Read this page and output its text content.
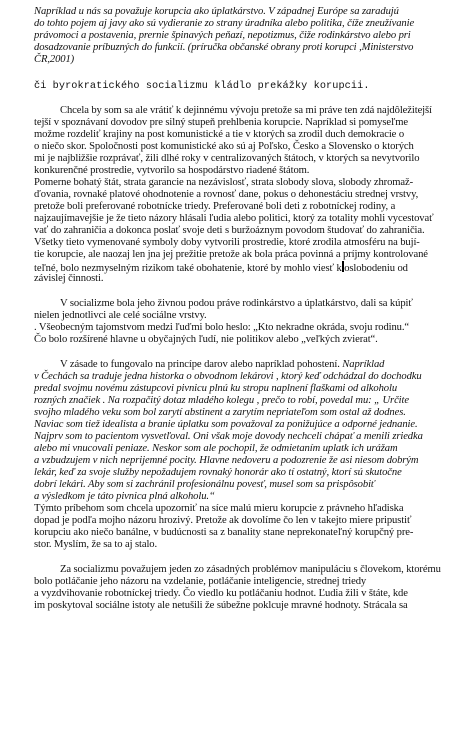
Napríklad u nás sa považuje korupcia ako úplatkárstvo. V západnej Európe sa zaradujú
do tohto pojem aj javy ako sú vydieranie zo strany úradníka alebo politika, číže zneužívanie
právomoci a postavenia, prernie špinavých peňazí, nepotizmus, čiže rodinkárstvo alebo pri
dosadzovanie príbuzných do funkcií. (príručka občanské obrany proti korupci ,Ministerstvo
ČR,2001)
či byrokratického socializmu kládlo prekážky korupcii.
Chcela by som sa ale vrátiť k dejinnému vývoju pretože sa mi práve ten zdá najdôležitejší
tejší v spoznávaní dovodov pre silný stupeň prehlbenia korupcie. Napríklad si pomyseľme
možme rozdeliť krajiny na post komunistické a tie v ktorých sa zrodil duch demokracie o
o niečo skor. Spoločnosti post komunistické ako sú aj Poľsko, Česko a Slovensko o ktorých
mi je najbližšie rozprávať, žili dlhé roky v centralizovaných štátoch, v ktorých sa nevytvorilo
konkurenčné prostredie, vytvorilo sa hospodárstvo riadené štátom.
Pomerne bohatý štát, strata garancie na nezávislosť, strata slobody slova, slobody zhromaž-
ďovania, rovnaké platové ohodnotenie a rovnosť dane, pokus o dehonestáciu strednej vrstvy,
pretože boli preferované robotnícke triedy. Preferované boli deti z robotníckej rodiny, a
najzaujímavejšie je že tieto názory hlásali ľudia alebo politici, ktorý za totality mohli vycestovať
vať do zahraničia a dokonca poslať svoje deti s buržoáznym povodom študovať do zahraničia.
Všetky tieto vymenované symboly doby vytvorili prostredie, ktoré zrodila atmosféru na bují-
tie korupcie, ale naozaj len jna jej prežitie pretože ak bola práca povinná a príjmy kontrolované
teľné, bolo nezmyselným rizikom také obohatenie, ktoré by mohlo viesť k oslobodeniu od
závislej činnosti.
V socializme bola jeho živnou podou práve rodinkárstvo a úplatkárstvo, dali sa kúpiť
nielen jednotlivci ale celé sociálne vrstvy.
. Všeobecným tajomstvom medzi ľuďmi bolo heslo: „Kto nekradne okráda, svoju rodinu.“
Čo bolo rozšírené hlavne u obyčajných ľudí, nie politikov alebo „veľkých zvierat“.
V zásade to fungovalo na princípe darov alebo napríklad pohostení. Napríklad
v Čechách sa traduje jedna historka o obvodnom lekárovi , ktorý keď odchádzal do dochodku
predal svojmu novému zástupcovi pivnicu plnú ku stropu naplnení flaškami od alkoholu
rozných značiek . Na rozpačitý dotaz mladého kolegu , prečo to robí, povedal mu: „ Určite
svojho mladého veku som bol zarytí abstinent a zarytím nepriateľom som ostal až dodnes.
Naviac som tiež idealista a branie úplatku som považoval za ponižujúce a odporné jednanie.
Najprv som to pacientom vysvetľoval. Oni však moje dovody nechceli chápať a menili zriedka
alebo mi vnucovali peniaze. Neskor som ale pochopil, že odmietaním uplatk ich urážam
a vzbudzujem v nich neprijemné pocity. Hlavne nedoveru a podozrenie že asi niesom dobrým
lekár, keď za svoje služby nepožadujem rovnaký honorár ako tí ostatný, ktorí sú skutočne
dobrí lekári. Aby som si zachránil profesionálnu povesť, musel som sa prispôsobiť
a výsledkom je táto pivnica plná alkoholu.“
Týmto príbehom som chcela upozorniť na síce malú mieru korupcie z právneho hľadiska
dopad je podľa mojho názoru hrozivý. Pretože ak dovolíme čo len v takejto miere pripustiť
korupciu ako niečo banálne, v budúcnosti sa z banality stane neprekonateľný korupčný pre-
stor. Myslím, že sa to aj stalo.
Za socializmu považujem jeden zo zásadných problémov manipuláciu s človekom, ktorému
bolo potláčanie jeho názoru na vzdelanie, potláčanie inteligencie, strednej triedy
a vyzdvihovanie robotníckej triedy. Čo viedlo ku potláčaniu hodnot. Ľudia žili v štáte, kde
im poskytoval sociálne istoty ale netušili že súbežne poklcuje mravné hodnoty. Strácala sa
